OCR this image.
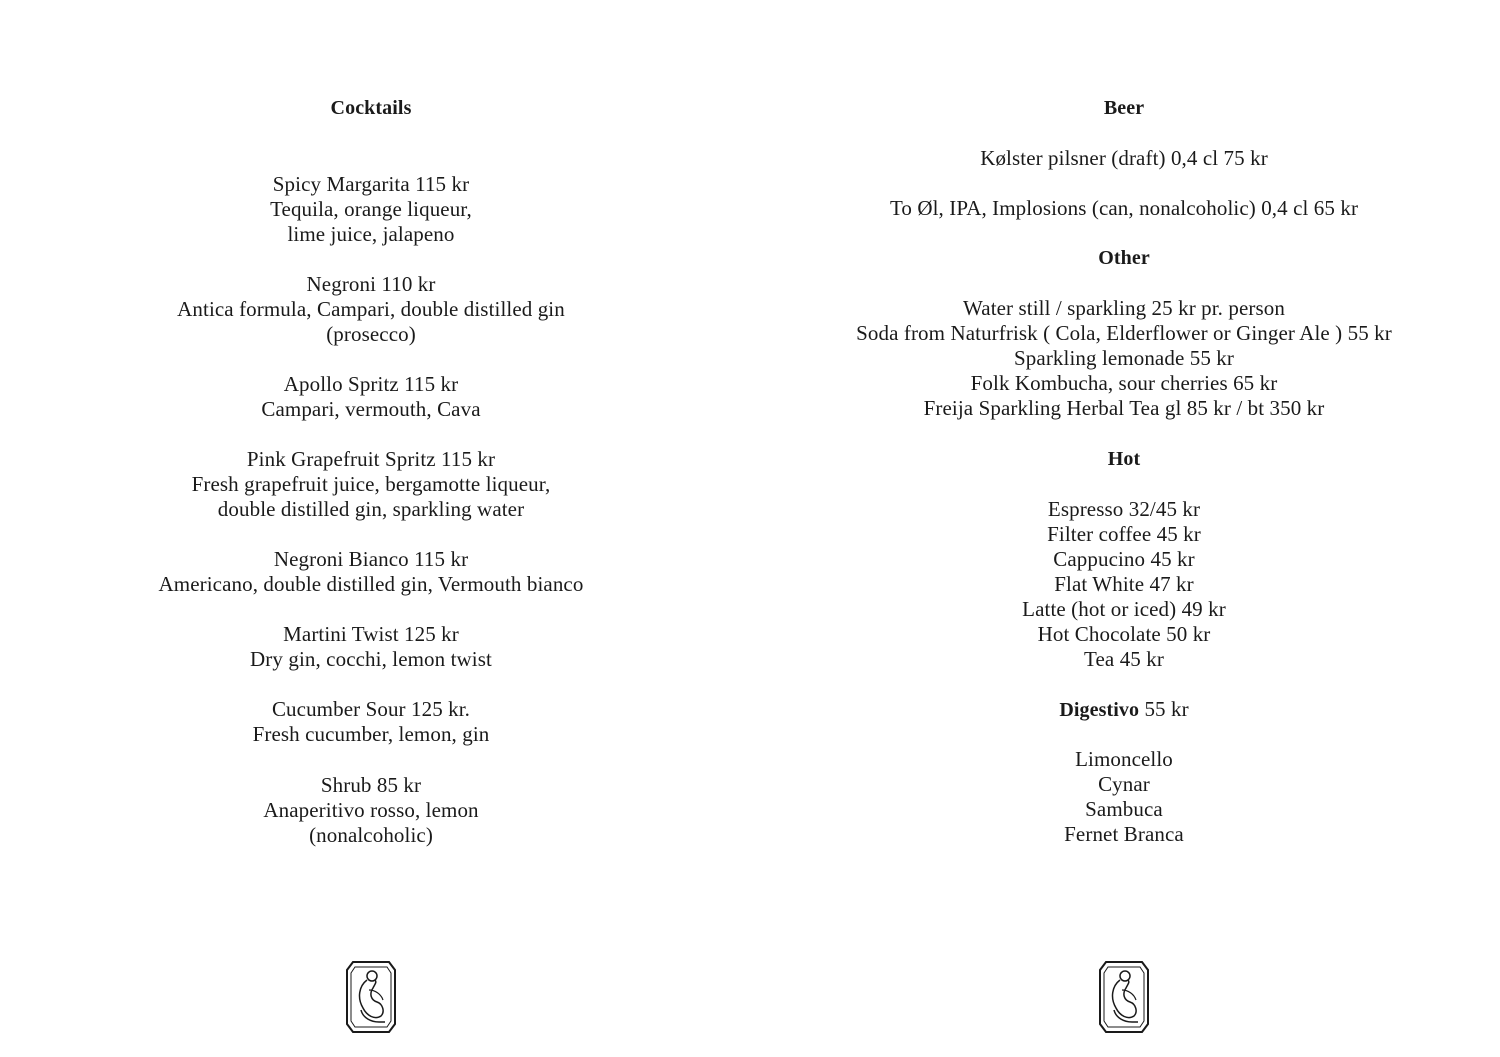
Cocktails
Spicy Margarita 115 kr
Tequila, orange liqueur,
lime juice, jalapeno
Negroni 110 kr
Antica formula, Campari, double distilled gin
(prosecco)
Apollo Spritz 115 kr
Campari, vermouth, Cava
Pink Grapefruit Spritz 115 kr
Fresh grapefruit juice, bergamotte liqueur,
double distilled gin, sparkling water
Negroni Bianco 115 kr
Americano, double distilled gin, Vermouth bianco
Martini Twist 125 kr
Dry gin, cocchi, lemon twist
Cucumber Sour 125 kr.
Fresh cucumber, lemon, gin
Shrub 85 kr
Anaperitivo rosso, lemon
(nonalcoholic)
Beer
Kølster pilsner (draft) 0,4 cl 75 kr
To Øl, IPA, Implosions (can, nonalcoholic) 0,4 cl 65 kr
Other
Water still / sparkling 25 kr pr. person
Soda from Naturfrisk ( Cola, Elderflower or Ginger Ale ) 55 kr
Sparkling lemonade 55 kr
Folk Kombucha, sour cherries 65 kr
Freija Sparkling Herbal Tea gl 85 kr / bt 350 kr
Hot
Espresso 32/45 kr
Filter coffee 45 kr
Cappucino 45 kr
Flat White 47 kr
Latte (hot or iced) 49 kr
Hot Chocolate 50 kr
Tea 45 kr
Digestivo 55 kr
Limoncello
Cynar
Sambuca
Fernet Branca
